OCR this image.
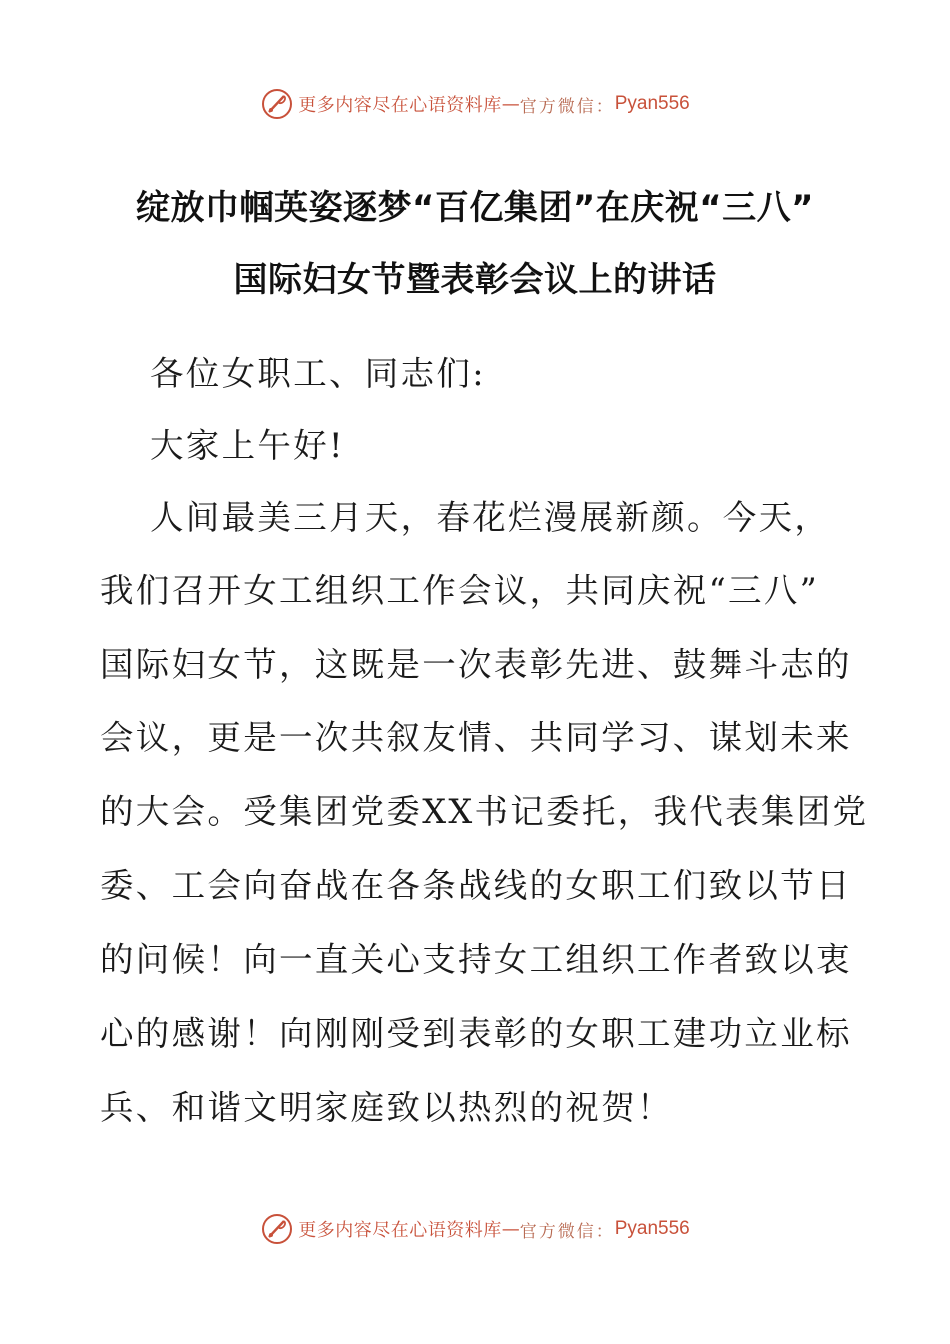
更多内容尽在心语资料库 — 官方微信： Pyan556
绽放巾帼英姿逐梦“百亿集团”在庆祝“三八”
国际妇女节暨表彰会议上的讲话
各位女职工、同志们:
大家上午好!
人间最美三月天，春花烂漫展新颜。今天，
我们召开女工组织工作会议，共同庆祝“三八”
国际妇女节，这既是一次表彰先进、鼓舞斗志的
会议，更是一次共叙友情、共同学习、谋划未来
的大会。受集团党委XX书记委托，我代表集团党
委、工会向奋战在各条战线的女职工们致以节日
的问候！向一直关心支持女工组织工作者致以衷
心的感谢！向刚刚受到表彰的女职工建功立业标
兵、和谐文明家庭致以热烈的祝贺！
更多内容尽在心语资料库 — 官方微信： Pyan556
